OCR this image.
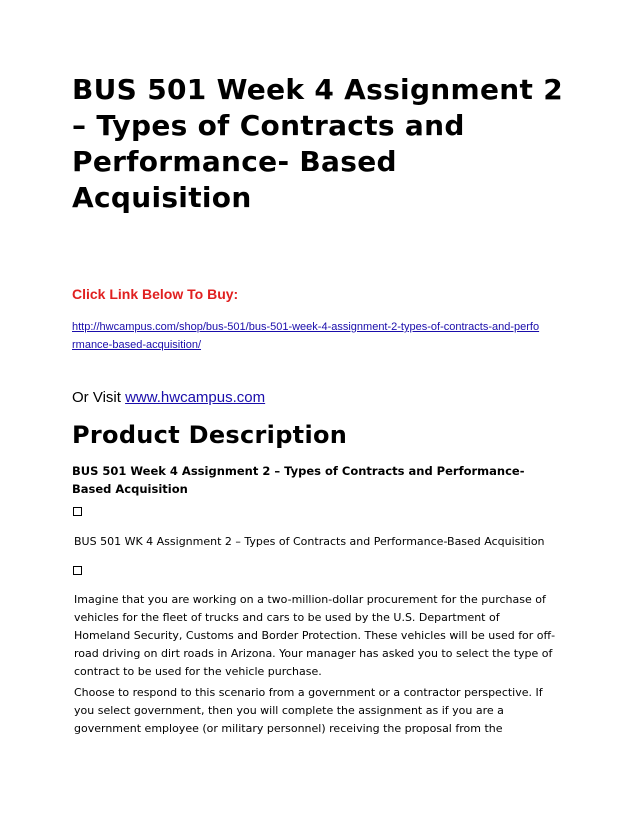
BUS 501 Week 4 Assignment 2 – Types of Contracts and Performance- Based Acquisition

Click Link Below To Buy:

http://hwcampus.com/shop/bus-501/bus-501-week-4-assignment-2-types-of-contracts-and-performance-based-acquisition/
Or Visit www.hwcampus.com
Product Description

BUS 501 Week 4 Assignment 2 – Types of Contracts and Performance- Based Acquisition

BUS 501 WK 4 Assignment 2 – Types of Contracts and Performance-Based Acquisition

Imagine that you are working on a two-million-dollar procurement for the purchase of vehicles for the fleet of trucks and cars to be used by the U.S. Department of Homeland Security, Customs and Border Protection. These vehicles will be used for off-road driving on dirt roads in Arizona. Your manager has asked you to select the type of contract to be used for the vehicle purchase.

Choose to respond to this scenario from a government or a contractor perspective. If you select government, then you will complete the assignment as if you are a government employee (or military personnel) receiving the proposal from the
